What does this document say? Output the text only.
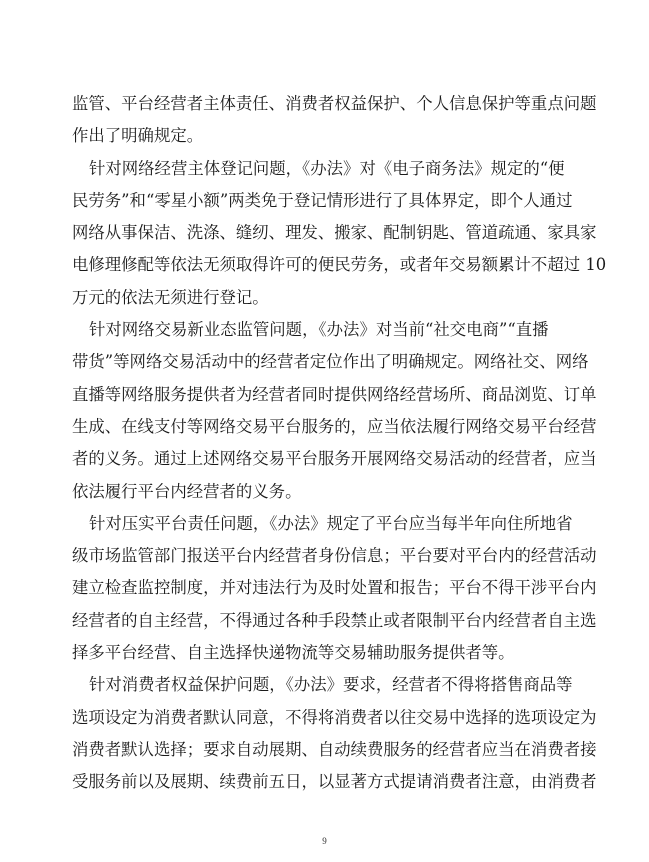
监管、平台经营者主体责任、消费者权益保护、个人信息保护等重点问题
作出了明确规定。
针对网络经营主体登记问题，《办法》对《电子商务法》规定的“便
民劳务”和“零星小额”两类免于登记情形进行了具体界定，即个人通过
网络从事保洁、洗涤、缝纫、理发、搬家、配制钥匙、管道疏通、家具家
电修理修配等依法无须取得许可的便民劳务，或者年交易额累计不超过 10
万元的依法无须进行登记。
针对网络交易新业态监管问题，《办法》对当前“社交电商”“直播
带货”等网络交易活动中的经营者定位作出了明确规定。网络社交、网络
直播等网络服务提供者为经营者同时提供网络经营场所、商品浏览、订单
生成、在线支付等网络交易平台服务的，应当依法履行网络交易平台经营
者的义务。通过上述网络交易平台服务开展网络交易活动的经营者，应当
依法履行平台内经营者的义务。
针对压实平台责任问题，《办法》规定了平台应当每半年向住所地省
级市场监管部门报送平台内经营者身份信息；平台要对平台内的经营活动
建立检查监控制度，并对违法行为及时处置和报告；平台不得干涉平台内
经营者的自主经营，不得通过各种手段禁止或者限制平台内经营者自主选
择多平台经营、自主选择快递物流等交易辅助服务提供者等。
针对消费者权益保护问题，《办法》要求，经营者不得将搭售商品等
选项设定为消费者默认同意，不得将消费者以往交易中选择的选项设定为
消费者默认选择；要求自动展期、自动续费服务的经营者应当在消费者接
受服务前以及展期、续费前五日，以显著方式提请消费者注意，由消费者
9
